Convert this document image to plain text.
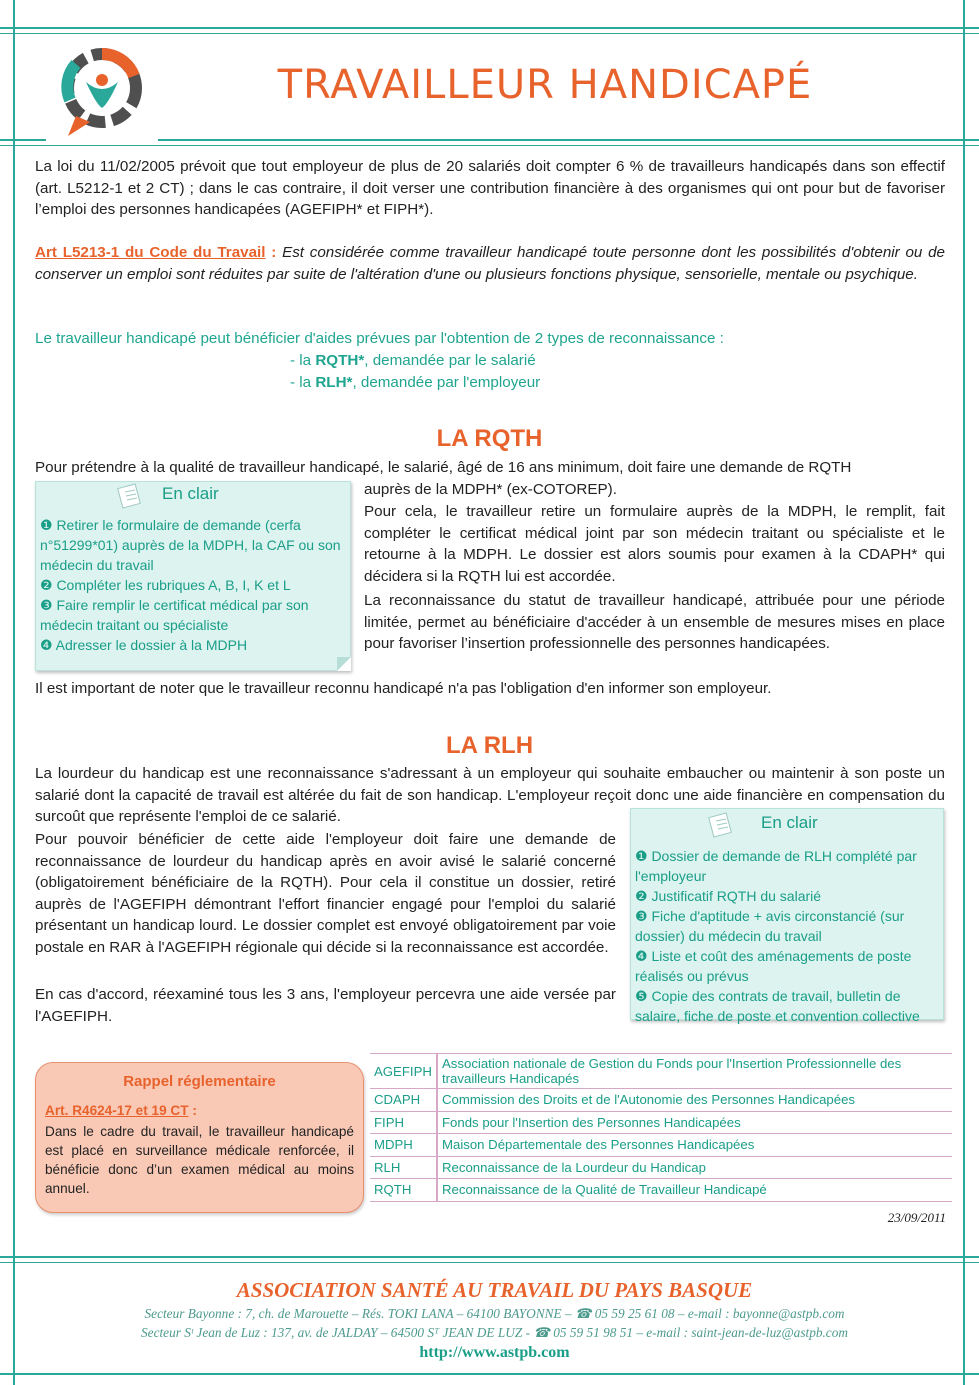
TRAVAILLEUR HANDICAPÉ
La loi du 11/02/2005 prévoit que tout employeur de plus de 20 salariés doit compter 6 % de travailleurs handicapés dans son effectif (art. L5212-1 et 2 CT) ; dans le cas contraire, il doit verser une contribution financière à des organismes qui ont pour but de favoriser l’emploi des personnes handicapées (AGEFIPH* et FIPH*).
Art L5213-1 du Code du Travail : Est considérée comme travailleur handicapé toute personne dont les possibilités d'obtenir ou de conserver un emploi sont réduites par suite de l'altération d'une ou plusieurs fonctions physique, sensorielle, mentale ou psychique.
Le travailleur handicapé peut bénéficier d'aides prévues par l'obtention de 2 types de reconnaissance :
- la RQTH*, demandée par le salarié
- la RLH*, demandée par l'employeur
LA RQTH
Pour prétendre à la qualité de travailleur handicapé, le salarié, âgé de 16 ans minimum, doit faire une demande de RQTH
En clair
❶ Retirer le formulaire de demande (cerfa n°51299*01) auprès de la MDPH, la CAF ou son médecin du travail
❷ Compléter les rubriques A, B, I, K et L
❸ Faire remplir le certificat médical par son médecin traitant ou spécialiste
❹ Adresser le dossier à la MDPH
auprès de la MDPH* (ex-COTOREP).
Pour cela, le travailleur retire un formulaire auprès de la MDPH, le remplit, fait compléter le certificat médical joint par son médecin traitant ou spécialiste et le retourne à la MDPH. Le dossier est alors soumis pour examen à la CDAPH* qui décidera si la RQTH lui est accordée.
La reconnaissance du statut de travailleur handicapé, attribuée pour une période limitée, permet au bénéficiaire d'accéder à un ensemble de mesures mises en place pour favoriser l’insertion professionnelle des personnes handicapées.
Il est important de noter que le travailleur reconnu handicapé n'a pas l'obligation d'en informer son employeur.
LA RLH
La lourdeur du handicap est une reconnaissance s'adressant à un employeur qui souhaite embaucher ou maintenir à son poste un salarié dont la capacité de travail est altérée du fait de son handicap. L'employeur reçoit donc une aide financière en compensation du surcoût que représente l'emploi de ce salarié.
Pour pouvoir bénéficier de cette aide l'employeur doit faire une demande de reconnaissance de lourdeur du handicap après en avoir avisé le salarié concerné (obligatoirement bénéficiaire de la RQTH). Pour cela il constitue un dossier, retiré auprès de l'AGEFIPH démontrant l'effort financier engagé pour l'emploi du salarié présentant un handicap lourd. Le dossier complet est envoyé obligatoirement par voie postale en RAR à l'AGEFIPH régionale qui décide si la reconnaissance est accordée.
En cas d'accord, réexaminé tous les 3 ans, l'employeur percevra une aide versée par l'AGEFIPH.
En clair
❶ Dossier de demande de RLH complété par l'employeur
❷ Justificatif RQTH du salarié
❸ Fiche d'aptitude + avis circonstancié (sur dossier) du médecin du travail
❹ Liste et coût des aménagements de poste réalisés ou prévus
❺ Copie des contrats de travail, bulletin de salaire, fiche de poste et convention collective
Rappel réglementaire
Art. R4624-17 et 19 CT :
Dans le cadre du travail, le travailleur handicapé est placé en surveillance médicale renforcée, il bénéficie donc d’un examen médical au moins annuel.
AGEFIPH	Association nationale de Gestion du Fonds pour l'Insertion Professionnelle des travailleurs Handicapés
CDAPH	Commission des Droits et de l'Autonomie des Personnes Handicapées
FIPH	Fonds pour l'Insertion des Personnes Handicapées
MDPH	Maison Départementale des Personnes Handicapées
RLH	Reconnaissance de la Lourdeur du Handicap
RQTH	Reconnaissance de la Qualité de Travailleur Handicapé
23/09/2011
ASSOCIATION SANTÉ AU TRAVAIL DU PAYS BASQUE
Secteur Bayonne : 7, ch. de Marouette – Rés. TOKI LANA – 64100 BAYONNE – ☎ 05 59 25 61 08 – e-mail : bayonne@astpb.com
Secteur Sᵗ Jean de Luz : 137, av. de JALDAY – 64500 Sᵀ JEAN DE LUZ - ☎ 05 59 51 98 51 – e-mail : saint-jean-de-luz@astpb.com
http://www.astpb.com
